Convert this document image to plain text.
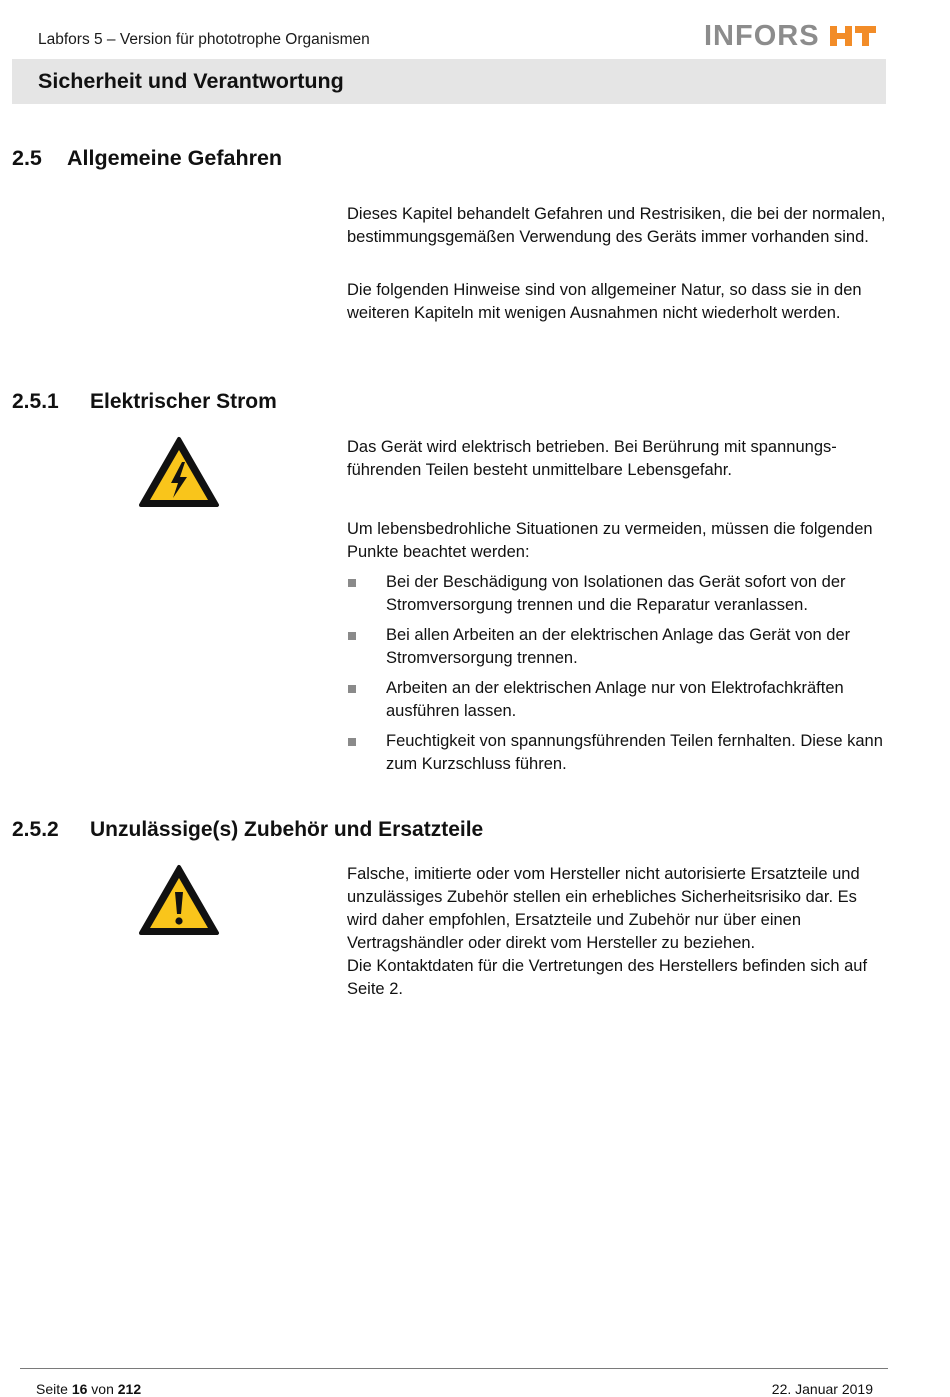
Labfors 5 – Version für phototrophe Organismen	INFORS
Sicherheit und Verantwortung
2.5	Allgemeine Gefahren
Dieses Kapitel behandelt Gefahren und Restrisiken, die bei der normalen, bestimmungsgemäßen Verwendung des Geräts immer vorhanden sind.
Die folgenden Hinweise sind von allgemeiner Natur, so dass sie in den weiteren Kapiteln mit wenigen Ausnahmen nicht wiederholt werden.
2.5.1	Elektrischer Strom
Das Gerät wird elektrisch betrieben. Bei Berührung mit spannungsführenden Teilen besteht unmittelbare Lebensgefahr.
Um lebensbedrohliche Situationen zu vermeiden, müssen die folgenden Punkte beachtet werden:
Bei der Beschädigung von Isolationen das Gerät sofort von der Stromversorgung trennen und die Reparatur veranlassen.
Bei allen Arbeiten an der elektrischen Anlage das Gerät von der Stromversorgung trennen.
Arbeiten an der elektrischen Anlage nur von Elektrofachkräften ausführen lassen.
Feuchtigkeit von spannungsführenden Teilen fernhalten. Diese kann zum Kurzschluss führen.
2.5.2	Unzulässige(s) Zubehör und Ersatzteile
Falsche, imitierte oder vom Hersteller nicht autorisierte Ersatzteile und unzulässiges Zubehör stellen ein erhebliches Sicherheitsrisiko dar. Es wird daher empfohlen, Ersatzteile und Zubehör nur über einen Vertragshändler oder direkt vom Hersteller zu beziehen.
Die Kontaktdaten für die Vertretungen des Herstellers befinden sich auf Seite 2.
Seite 16 von 212	22. Januar 2019
